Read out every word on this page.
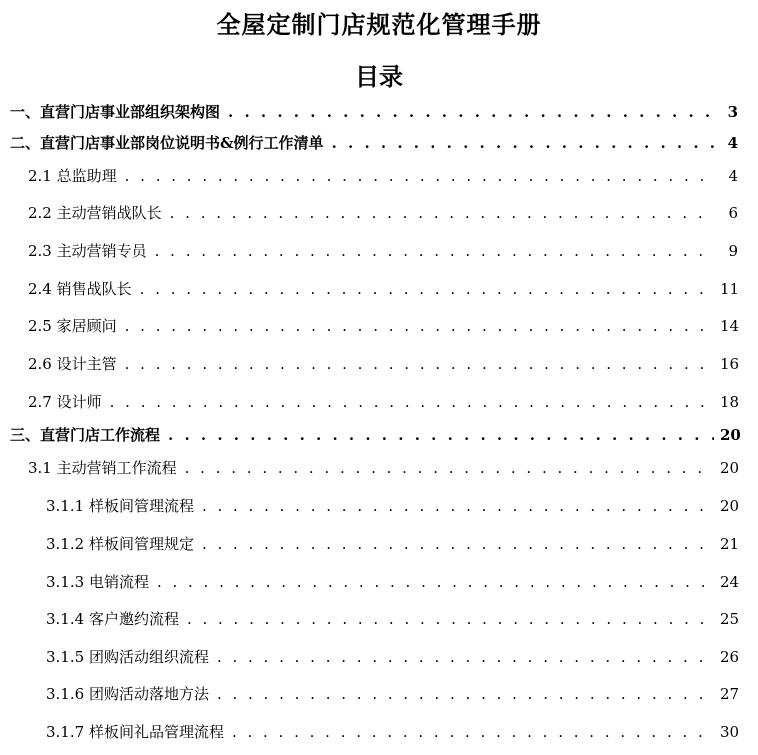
全屋定制门店规范化管理手册
目录
一、 直营门店事业部组织架构图 . . .	3
二、 直营门店事业部岗位说明书&例行工作清单 . . .	4
2.1 总监助理 . . .	4
2.2 主动营销战队长 . . .	6
2.3 主动营销专员 . . .	9
2.4 销售战队长 . . .	11
2.5 家居顾问 . . .	14
2.6 设计主管 . . .	16
2.7 设计师 . . .	18
三、 直营门店工作流程 . . .	20
3.1 主动营销工作流程 . . .	20
3.1.1 样板间管理流程 . . .	20
3.1.2 样板间管理规定 . . .	21
3.1.3 电销流程 . . .	24
3.1.4 客户邀约流程 . . .	25
3.1.5 团购活动组织流程 . . .	26
3.1.6 团购活动落地方法 . . .	27
3.1.7 样板间礼品管理流程 . . .	30
